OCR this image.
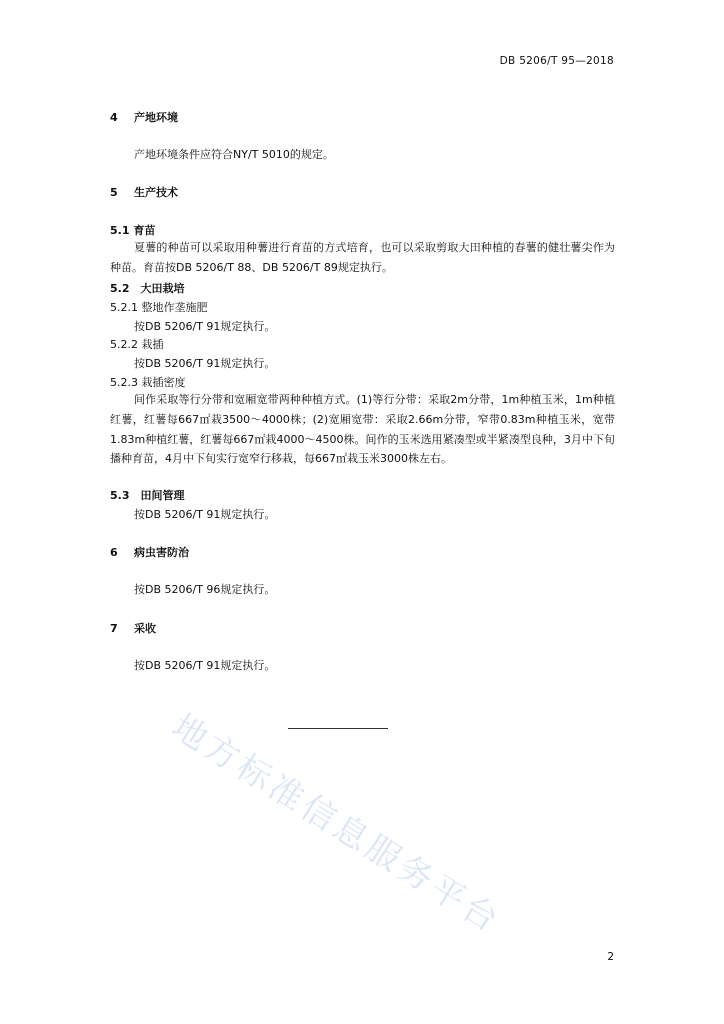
DB 5206/T 95—2018
4 产地环境
产地环境条件应符合NY/T 5010的规定。
5 生产技术
5.1 育苗
夏薯的种苗可以采取用种薯进行育苗的方式培育，也可以采取剪取大田种植的春薯的健壮薯尖作为种苗。育苗按DB 5206/T 88、DB 5206/T 89规定执行。
5.2　大田栽培
5.2.1 整地作垄施肥
按DB 5206/T 91规定执行。
5.2.2 栽插
按DB 5206/T 91规定执行。
5.2.3 栽插密度
间作采取等行分带和宽厢宽带两种种植方式。(1)等行分带：采取2m分带，1m种植玉米，1m种植红薯，红薯每667㎡栽3500～4000株；(2)宽厢宽带：采取2.66m分带，窄带0.83m种植玉米，宽带1.83m种植红薯，红薯每667㎡栽4000～4500株。间作的玉米选用紧凑型或半紧凑型良种，3月中下旬播种育苗，4月中下旬实行宽窄行移栽，每667㎡栽玉米3000株左右。
5.3　田间管理
按DB 5206/T 91规定执行。
6 病虫害防治
按DB 5206/T 96规定执行。
7 采收
按DB 5206/T 91规定执行。
地方标准信息服务平台
2
